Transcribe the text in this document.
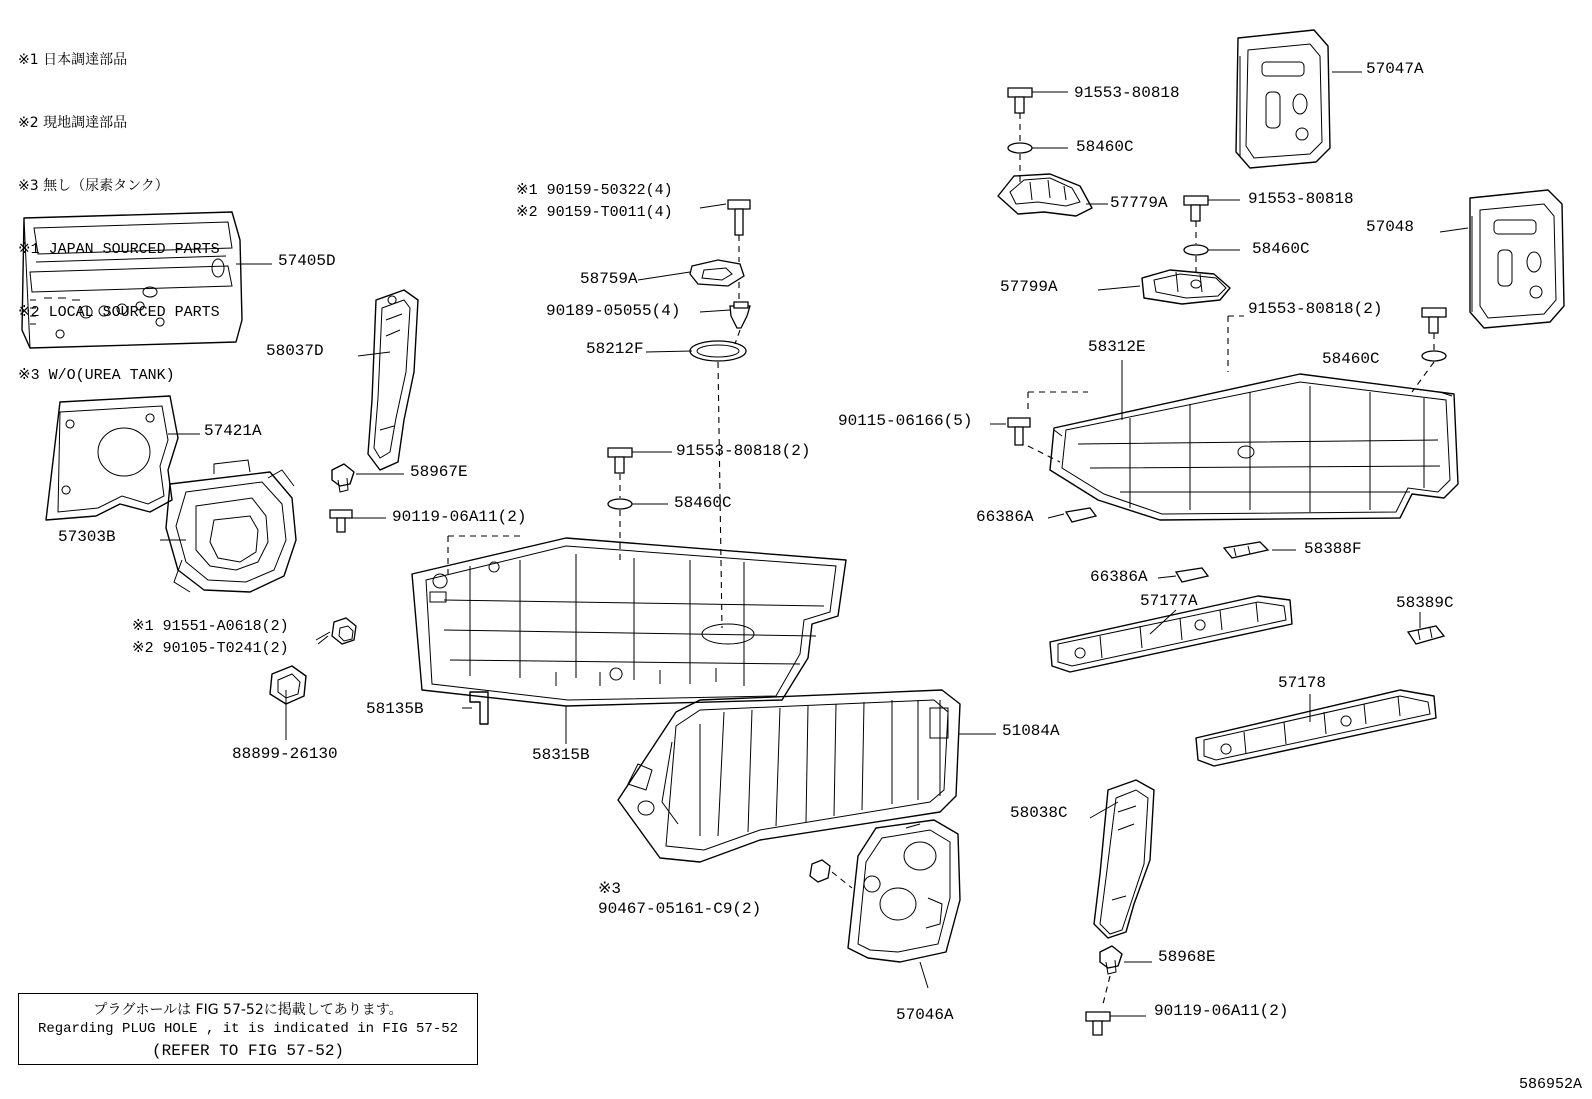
※1 日本調達部品

※2 現地調達部品

※3 無し（尿素タンク）

※1 JAPAN SOURCED PARTS

※2 LOCAL SOURCED PARTS

※3 W/O(UREA TANK)

57405D
58037D
57421A
58967E
90119-06A11(2)
57303B
※1 91551-A0618(2)
※2 90105-T0241(2)
88899-26130
58135B
58315B
※1 90159-50322(4)
※2 90159-T0011(4)
58759A
90189-05055(4)
58212F
91553-80818(2)
58460C
51084A
90467-05161-C9(2)
※3
57046A
91553-80818
58460C
57779A	91553-80818
58460C
57799A
57047A
57048
91553-80818(2)
58460C
58312E
90115-06166(5)
66386A
58388F
66386A
57177A	58389C
57178
58038C
58968E
90119-06A11(2)
プラグホールは FIG 57-52に掲載してあります。
Regarding PLUG HOLE , it is indicated in FIG 57-52
(REFER TO FIG 57-52)
586952A
